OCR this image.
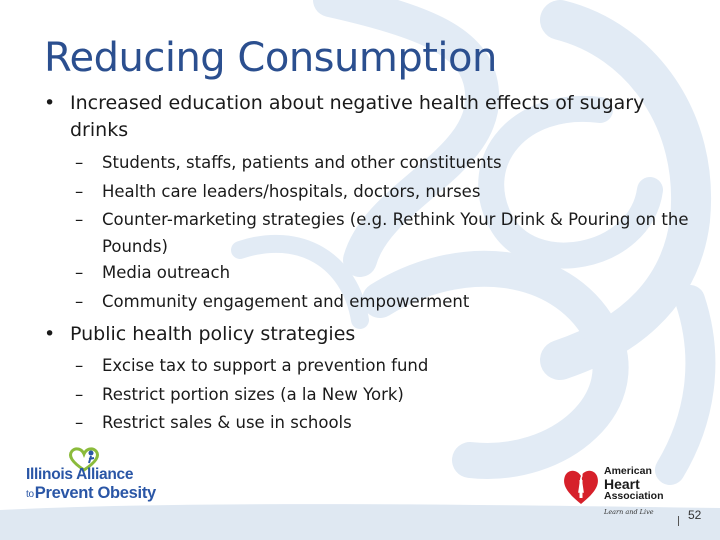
Reducing Consumption
• Increased education about negative health effects of sugary drinks
– Students, staffs, patients and other constituents
– Health care leaders/hospitals, doctors, nurses
– Counter-marketing strategies (e.g. Rethink Your Drink & Pouring on the Pounds)
– Media outreach
– Community engagement and empowerment
• Public health policy strategies
– Excise tax to support a prevention fund
– Restrict portion sizes (a la New York)
– Restrict sales & use in schools
Illinois Alliance
toPrevent Obesity
American
Heart
Association
Learn and Live	52
